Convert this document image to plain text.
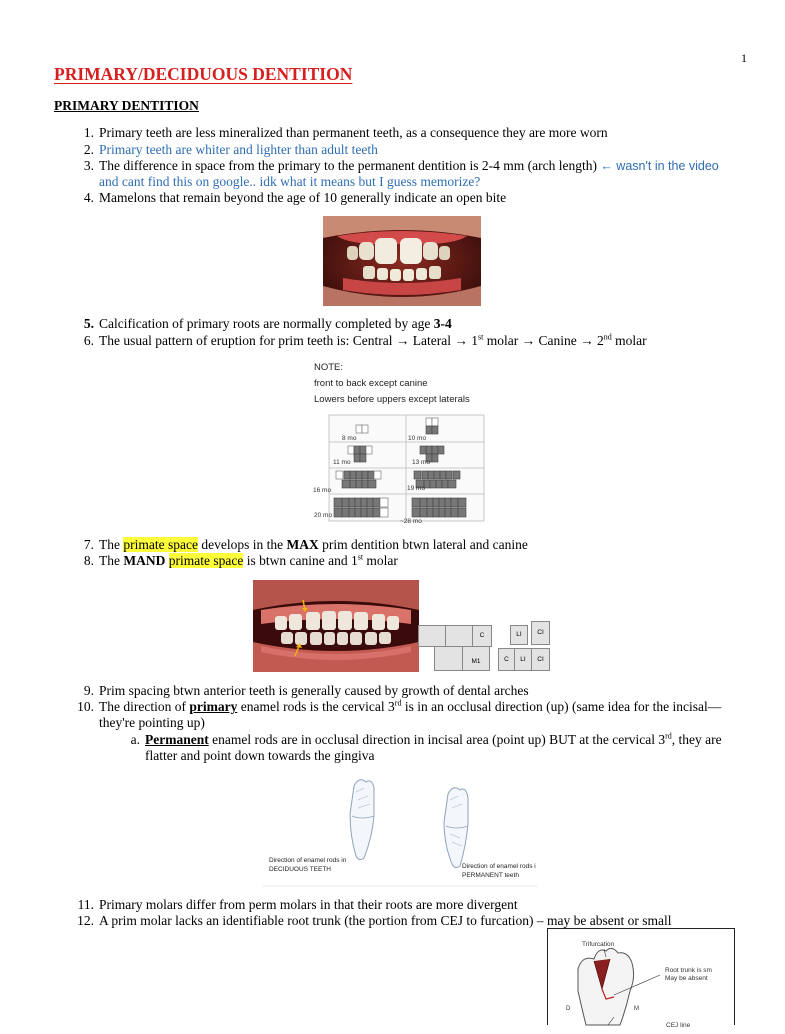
1
PRIMARY/DECIDUOUS DENTITION
PRIMARY DENTITION
1. Primary teeth are less mineralized than permanent teeth, as a consequence they are more worn
2. Primary teeth are whiter and lighter than adult teeth
3. The difference in space from the primary to the permanent dentition is 2-4 mm (arch length) ← wasn't in the video
and cant find this on google.. idk what it means but I guess memorize?
4. Mamelons that remain beyond the age of 10 generally indicate an open bite
5. Calcification of primary roots are normally completed by age 3-4
6. The usual pattern of eruption for prim teeth is: Central → Lateral → 1st molar → Canine → 2nd molar
NOTE:
front to back except canine
Lowers before uppers except laterals
8 mo	10 mo
11 mo	13 mo
16 mo	19 mo
20 mo
~28 mo
7. The primate space develops in the MAX prim dentition btwn lateral and canine
8. The MAND primate space is btwn canine and 1st molar
C
M1
LI	CI
C	LI	CI
9. Prim spacing btwn anterior teeth is generally caused by growth of dental arches
10. The direction of primary enamel rods is the cervical 3rd is in an occlusal direction (up) (same idea for the incisal—
they're pointing up)
a. Permanent enamel rods are in occlusal direction in incisal area (point up) BUT at the cervical 3rd, they are
flatter and point down towards the gingiva
Direction of enamel rods in
DECIDUOUS TEETH	Direction of enamel rods i
PERMANENT teeth
11. Primary molars differ from perm molars in that their roots are more divergent
12. A prim molar lacks an identifiable root trunk (the portion from CEJ to furcation) – may be absent or small
Trifurcation
Root trunk is sm
May be absent
D	M
CEJ line
